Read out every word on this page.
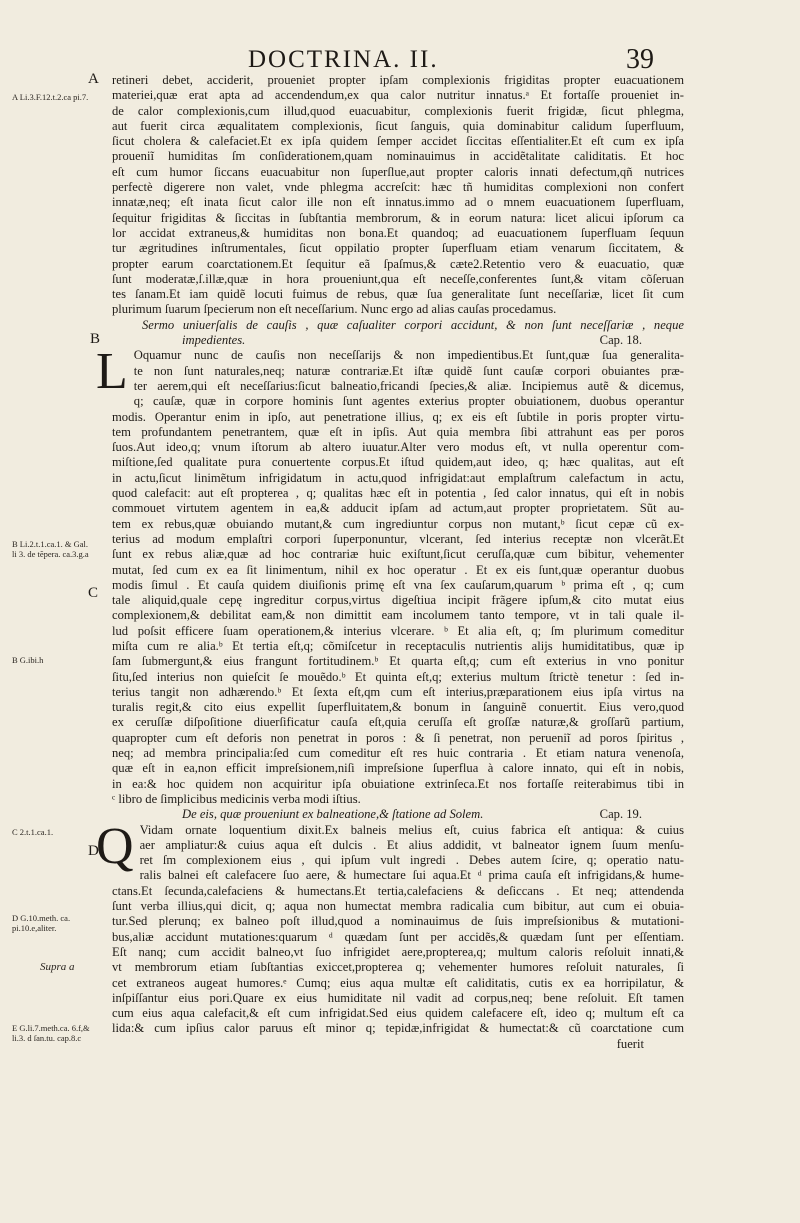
DOCTRINA. II.	39
A
B
C
D
A Li.3.F.12.t.2.ca pi.7.
B Li.2.t.1.ca.1. & Gal. li 3. de tẽpera. ca.3.g.a
B G.ibi.h
C 2.t.1.ca.1.
D G.10.meth. ca. pi.10.e,aliter.
Supra a
E G.li.7.meth.ca. 6.f,& li.3. d ſan.tu. cap.8.c
retineri debet, acciderit, proueniet propter ipſam complexionis frigiditas propter euacuationem
materiei,quæ erat apta ad accendendum,ex qua calor nutritur innatus.ᵃ Et fortaſſe proueniet in-
de calor complexionis,cum illud,quod euacuabitur, complexionis fuerit frigidæ, ſicut phlegma,
aut fuerit circa æqualitatem complexionis, ſicut ſanguis, quia dominabitur calidum ſuperfluum,
ſicut cholera & calefaciet.Et ex ipſa quidem ſemper accidet ſiccitas eſſentialiter.Et eſt cum ex ipſa
proueniĩ humiditas ſm conſiderationem,quam nominauimus in accidẽtalitate caliditatis. Et hoc
eſt cum humor ſiccans euacuabitur non ſuperſlue,aut propter caloris innati defectum,qñ nutrices
perfectè digerere non valet, vnde phlegma accreſcit: hæc tñ humiditas complexioni non confert
innatæ,neq; eſt inata ſicut calor ille non eſt innatus.immo ad o mnem euacuationem ſuperfluam,
ſequitur frigiditas & ſiccitas in ſubſtantia membrorum, & in eorum natura: licet alicui ipſorum ca
lor accidat extraneus,& humiditas non bona.Et quandoq; ad euacuationem ſuperfluam ſequun
tur ægritudines inſtrumentales, ſicut oppilatio propter ſuperfluam etiam venarum ſiccitatem, &
propter earum coarctationem.Et ſequitur eã ſpaſmus,& cæte2.Retentio vero & euacuatio, quæ
ſunt moderatæ,ſ.illæ,quæ in hora proueniunt,qua eſt neceſſe,conferentes ſunt,& vitam cõſeruan
tes ſanam.Et iam quidẽ locuti fuimus de rebus, quæ ſua generalitate ſunt neceſſariæ, licet ſit cum
plurimum ſuarum ſpecierum non eſt neceſſarium. Nunc ergo ad alias cauſas procedamus.
Sermo uniuerſalis de cauſis , quæ caſualiter corpori accidunt, & non ſunt neceſſariæ , neque
impedientes.	Cap. 18.
L Oquamur nunc de cauſis non neceſſarijs & non impedientibus.Et ſunt,quæ ſua generalita-
te non ſunt naturales,neq; naturæ contrariæ.Et iſtæ quidẽ ſunt cauſæ corpori obuiantes præ-
ter aerem,qui eſt neceſſarius:ſicut balneatio,fricandi ſpecies,& aliæ. Incipiemus autẽ & dicemus,
q; cauſæ, quæ in corpore hominis ſunt agentes exterius propter obuiationem, duobus operantur
modis. Operantur enim in ipſo, aut penetratione illius, q; ex eis eſt ſubtile in poris propter virtu-
tem profundantem penetrantem, quæ eſt in ipſis. Aut quia membra ſibi attrahunt eas per poros
ſuos.Aut ideo,q; vnum iſtorum ab altero iuuatur.Alter vero modus eſt, vt nulla operentur com-
miſtione,ſed qualitate pura conuertente corpus.Et iſtud quidem,aut ideo, q; hæc qualitas, aut eſt
in actu,ſicut linimẽtum infrigidatum in actu,quod infrigidat:aut emplaſtrum calefactum in actu,
quod calefacit: aut eſt propterea , q; qualitas hæc eſt in potentia , ſed calor innatus, qui eſt in nobis
commouet virtutem agentem in ea,& adducit ipſam ad actum,aut propter proprietatem. Sũt au-
tem ex rebus,quæ obuiando mutant,& cum ingrediuntur corpus non mutant,ᵇ ſicut cepæ cũ ex-
terius ad modum emplaſtri corpori ſuperponuntur, vlcerant, ſed interius receptæ non vlcerãt.Et
ſunt ex rebus aliæ,quæ ad hoc contrariæ huic exiſtunt,ſicut ceruſſa,quæ cum bibitur, vehementer
mutat, ſed cum ex ea ſit linimentum, nihil ex hoc operatur . Et ex eis ſunt,quæ operantur duobus
modis ſimul . Et cauſa quidem diuiſionis primę eſt vna ſex cauſarum,quarum ᵇ prima eſt , q; cum
tale aliquid,quale cepę ingreditur corpus,virtus digeſtiua incipit frãgere ipſum,& cito mutat eius
complexionem,& debilitat eam,& non dimittit eam incolumem tanto tempore, vt in tali quale il-
lud poſsit efficere ſuam operationem,& interius vlcerare. ᵇ Et alia eſt, q; ſm plurimum comeditur
miſta cum re alia.ᵇ Et tertia eſt,q; cõmiſcetur in receptaculis nutrientis alijs humiditatibus, quæ ip
ſam ſubmergunt,& eius frangunt fortitudinem.ᵇ Et quarta eſt,q; cum eſt exterius in vno ponitur
ſitu,ſed interius non quieſcit ſe mouẽdo.ᵇ Et quinta eſt,q; exterius multum ſtrictè tenetur : ſed in-
terius tangit non adhærendo.ᵇ Et ſexta eſt,qm cum eſt interius,præparationem eius ipſa virtus na
turalis regit,& cito eius expellit ſuperfluitatem,& bonum in ſanguinẽ conuertit. Eius vero,quod
ex ceruſſæ diſpoſitione diuerſificatur cauſa eſt,quia ceruſſa eſt groſſæ naturæ,& groſſarũ partium,
quapropter cum eſt deforis non penetrat in poros : & ſi penetrat, non perueniĩ ad poros ſpiritus ,
neq; ad membra principalia:ſed cum comeditur eſt res huic contraria . Et etiam natura venenoſa,
quæ eſt in ea,non efficit impreſsionem,niſi impreſsione ſuperflua à calore innato, qui eſt in nobis,
in ea:& hoc quidem non acquiritur ipſa obuiatione extrinſeca.Et nos fortaſſe reiterabimus tibi in
ᶜ libro de ſimplicibus medicinis verba modi iſtius.
De eis, quæ proueniunt ex balneatione,& ſtatione ad Solem.	Cap. 19.
Q Vidam ornate loquentium dixit.Ex balneis melius eſt, cuius fabrica eſt antiqua: & cuius
aer ampliatur:& cuius aqua eſt dulcis . Et alius addidit, vt balneator ignem ſuum menſu-
ret ſm complexionem eius , qui ipſum vult ingredi . Debes autem ſcire, q; operatio natu-
ralis balnei eſt calefacere ſuo aere, & humectare ſui aqua.Et ᵈ prima cauſa eſt infrigidans,& hume-
ctans.Et ſecunda,calefaciens & humectans.Et tertia,calefaciens & deſiccans . Et neq; attendenda
ſunt verba illius,qui dicit, q; aqua non humectat membra radicalia cum bibitur, aut cum ei obuia-
tur.Sed plerunq; ex balneo poſt illud,quod a nominauimus de ſuis impreſsionibus & mutationi-
bus,aliæ accidunt mutationes:quarum ᵈ quædam ſunt per accidẽs,& quædam ſunt per eſſentiam.
Eſt nanq; cum accidit balneo,vt ſuo infrigidet aere,propterea,q; multum caloris reſoluit innati,&
vt membrorum etiam ſubſtantias exiccet,propterea q; vehementer humores reſoluit naturales, ſi
cet extraneos augeat humores.ᵉ Cumq; eius aqua multæ eſt caliditatis, cutis ex ea horripilatur, &
inſpiſſantur eius pori.Quare ex eius humiditate nil vadit ad corpus,neq; bene reſoluit. Eſt tamen
cum eius aqua calefacit,& eſt cum infrigidat.Sed eius quidem calefacere eſt, ideo q; multum eſt ca
lida:& cum ipſius calor paruus eſt minor q; tepidæ,infrigidat & humectat:& cũ coarctatione cum
fuerit
